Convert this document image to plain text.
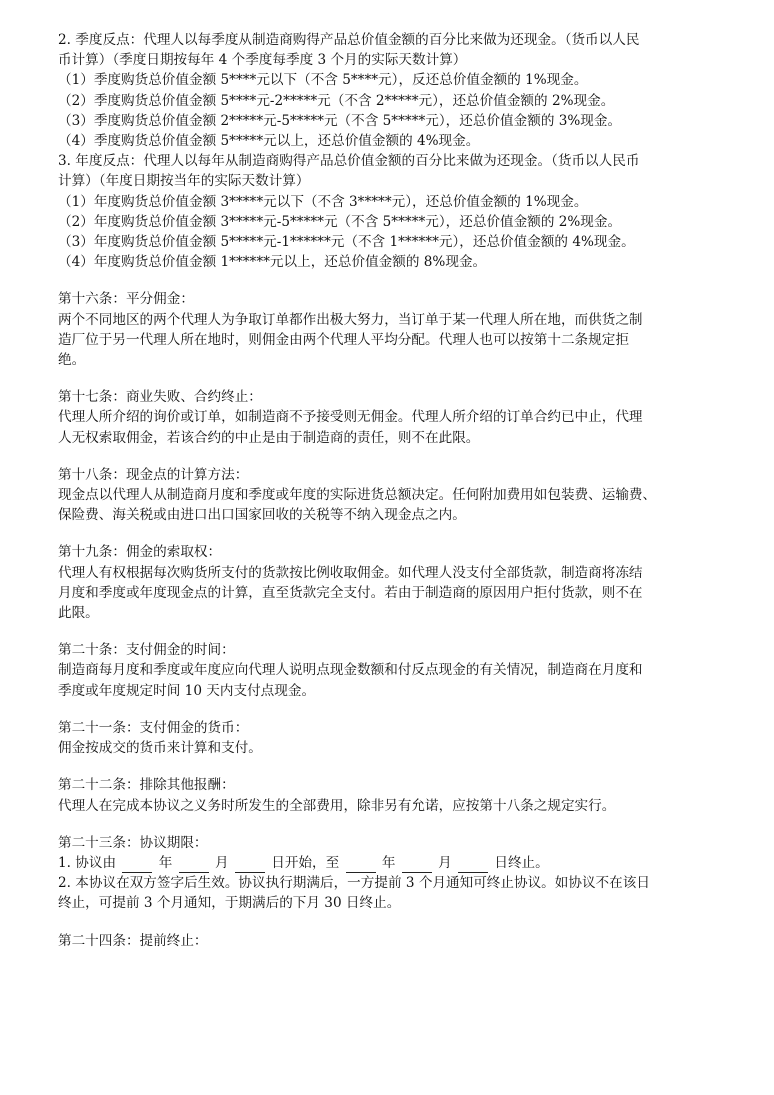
2. 季度反点：代理人以每季度从制造商购得产品总价值金额的百分比来做为还现金。（货币以人民
币计算）（季度日期按每年 4 个季度每季度 3 个月的实际天数计算）
（1）季度购货总价值金额 5****元以下（不含 5****元），反还总价值金额的 1%现金。
（2）季度购货总价值金额 5****元-2*****元（不含 2*****元），还总价值金额的 2%现金。
（3）季度购货总价值金额 2*****元-5*****元（不含 5*****元），还总价值金额的 3%现金。
（4）季度购货总价值金额 5*****元以上，还总价值金额的 4%现金。
3. 年度反点：代理人以每年从制造商购得产品总价值金额的百分比来做为还现金。（货币以人民币
计算）（年度日期按当年的实际天数计算）
（1）年度购货总价值金额 3*****元以下（不含 3*****元），还总价值金额的 1%现金。
（2）年度购货总价值金额 3*****元-5*****元（不含 5*****元），还总价值金额的 2%现金。
（3）年度购货总价值金额 5*****元-1******元（不含 1******元），还总价值金额的 4%现金。
（4）年度购货总价值金额 1******元以上，还总价值金额的 8%现金。
第十六条：平分佣金：
两个不同地区的两个代理人为争取订单都作出极大努力，当订单于某一代理人所在地，而供货之制
造厂位于另一代理人所在地时，则佣金由两个代理人平均分配。代理人也可以按第十二条规定拒
绝。
第十七条：商业失败、合约终止：
代理人所介绍的询价或订单，如制造商不予接受则无佣金。代理人所介绍的订单合约已中止，代理
人无权索取佣金，若该合约的中止是由于制造商的责任，则不在此限。
第十八条：现金点的计算方法：
现金点以代理人从制造商月度和季度或年度的实际进货总额决定。任何附加费用如包装费、运输费、
保险费、海关税或由进口出口国家回收的关税等不纳入现金点之内。
第十九条：佣金的索取权：
代理人有权根据每次购货所支付的货款按比例收取佣金。如代理人没支付全部货款，制造商将冻结
月度和季度或年度现金点的计算，直至货款完全支付。若由于制造商的原因用户拒付货款，则不在
此限。
第二十条：支付佣金的时间：
制造商每月度和季度或年度应向代理人说明点现金数额和付反点现金的有关情况，制造商在月度和
季度或年度规定时间 10 天内支付点现金。
第二十一条：支付佣金的货币：
佣金按成交的货币来计算和支付。
第二十二条：排除其他报酬：
代理人在完成本协议之义务时所发生的全部费用，除非另有允诺，应按第十八条之规定实行。
第二十三条：协议期限：
1. 协议由	年	月	日开始，至	年	月	日终止。
2. 本协议在双方签字后生效。协议执行期满后，一方提前 3 个月通知可终止协议。如协议不在该日
终止，可提前 3 个月通知，于期满后的下月 30 日终止。
第二十四条：提前终止：
